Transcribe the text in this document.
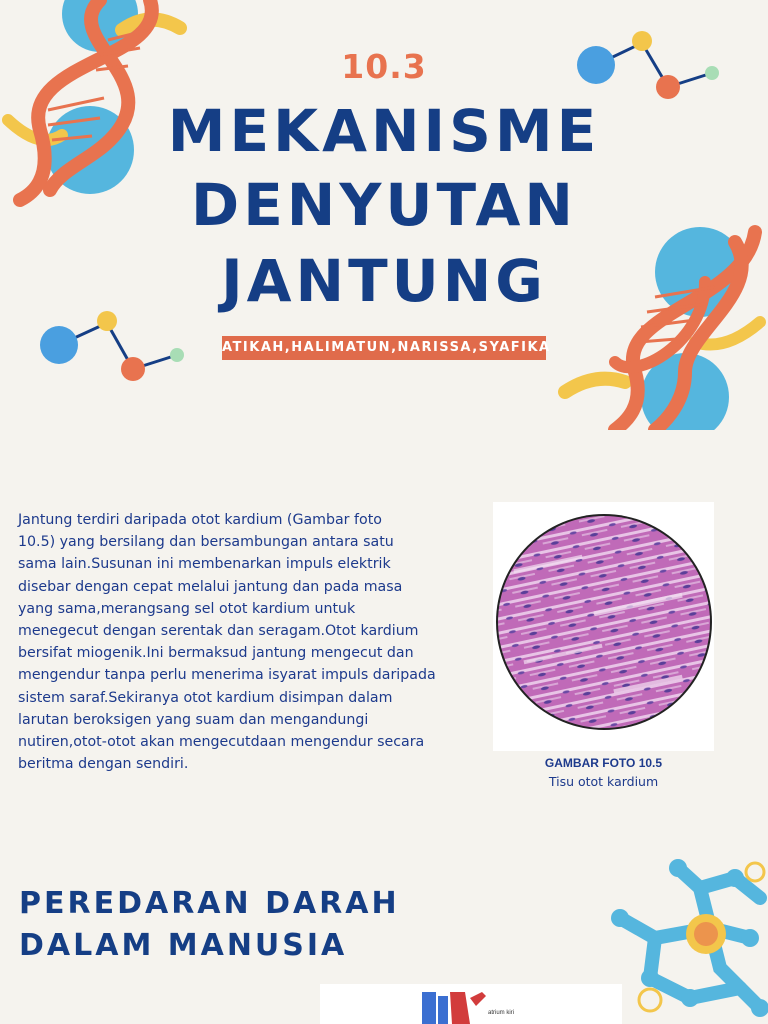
10.3
MEKANISME
DENYUTAN
JANTUNG
ATIKAH,HALIMATUN,NARISSA,SYAFIKA
Jantung terdiri daripada otot kardium (Gambar foto
10.5) yang bersilang dan bersambungan antara satu
sama lain.Susunan ini membenarkan impuls elektrik
disebar dengan cepat melalui jantung dan pada masa
yang sama,merangsang sel otot kardium untuk
menegecut dengan serentak dan seragam.Otot kardium
bersifat miogenik.Ini bermaksud jantung mengecut dan
mengendur tanpa perlu menerima isyarat impuls daripada
sistem saraf.Sekiranya otot kardium disimpan dalam
larutan beroksigen yang suam dan mengandungi
nutiren,otot-otot akan mengecutdaan mengendur secara
beritma dengan sendiri.	GAMBAR FOTO 10.5
Tisu otot kardium
PEREDARAN DARAH
DALAM MANUSIA
atrium kiri
